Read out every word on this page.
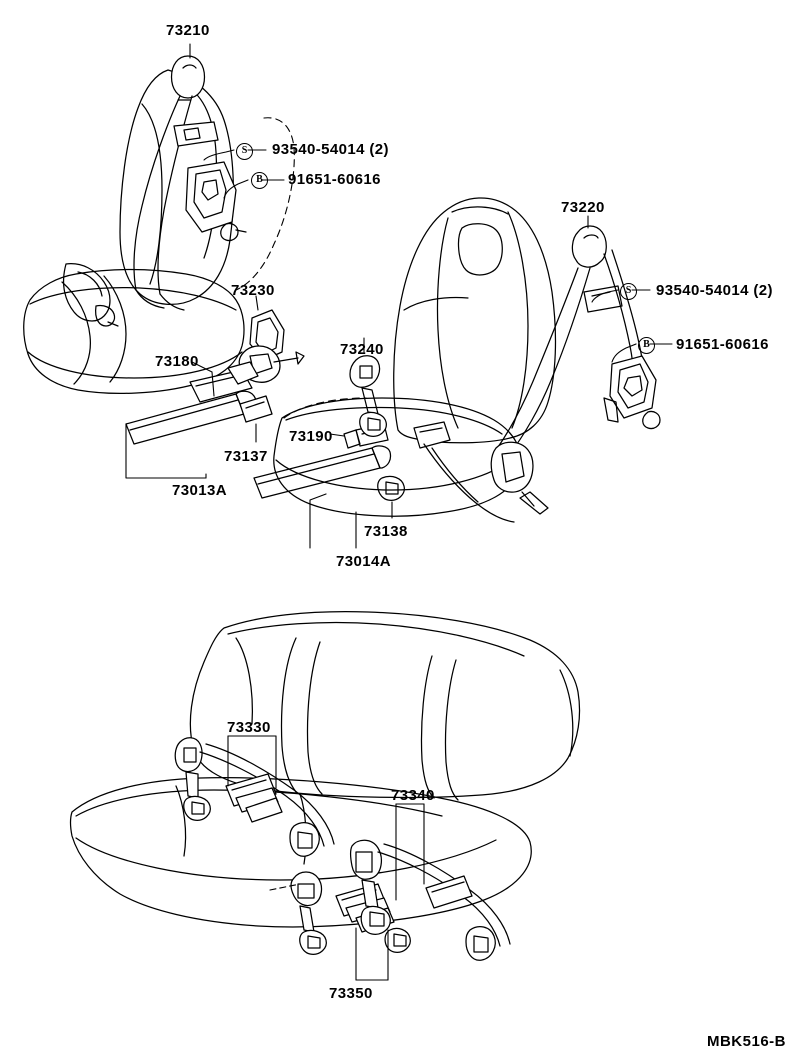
73210
93540-54014 (2)
91651-60616
73220
93540-54014 (2)
91651-60616
73230
73240
73180
73190
73137
73013A
73138
73014A
S
B
S
B
73330
73340
73350
MBK516-B
